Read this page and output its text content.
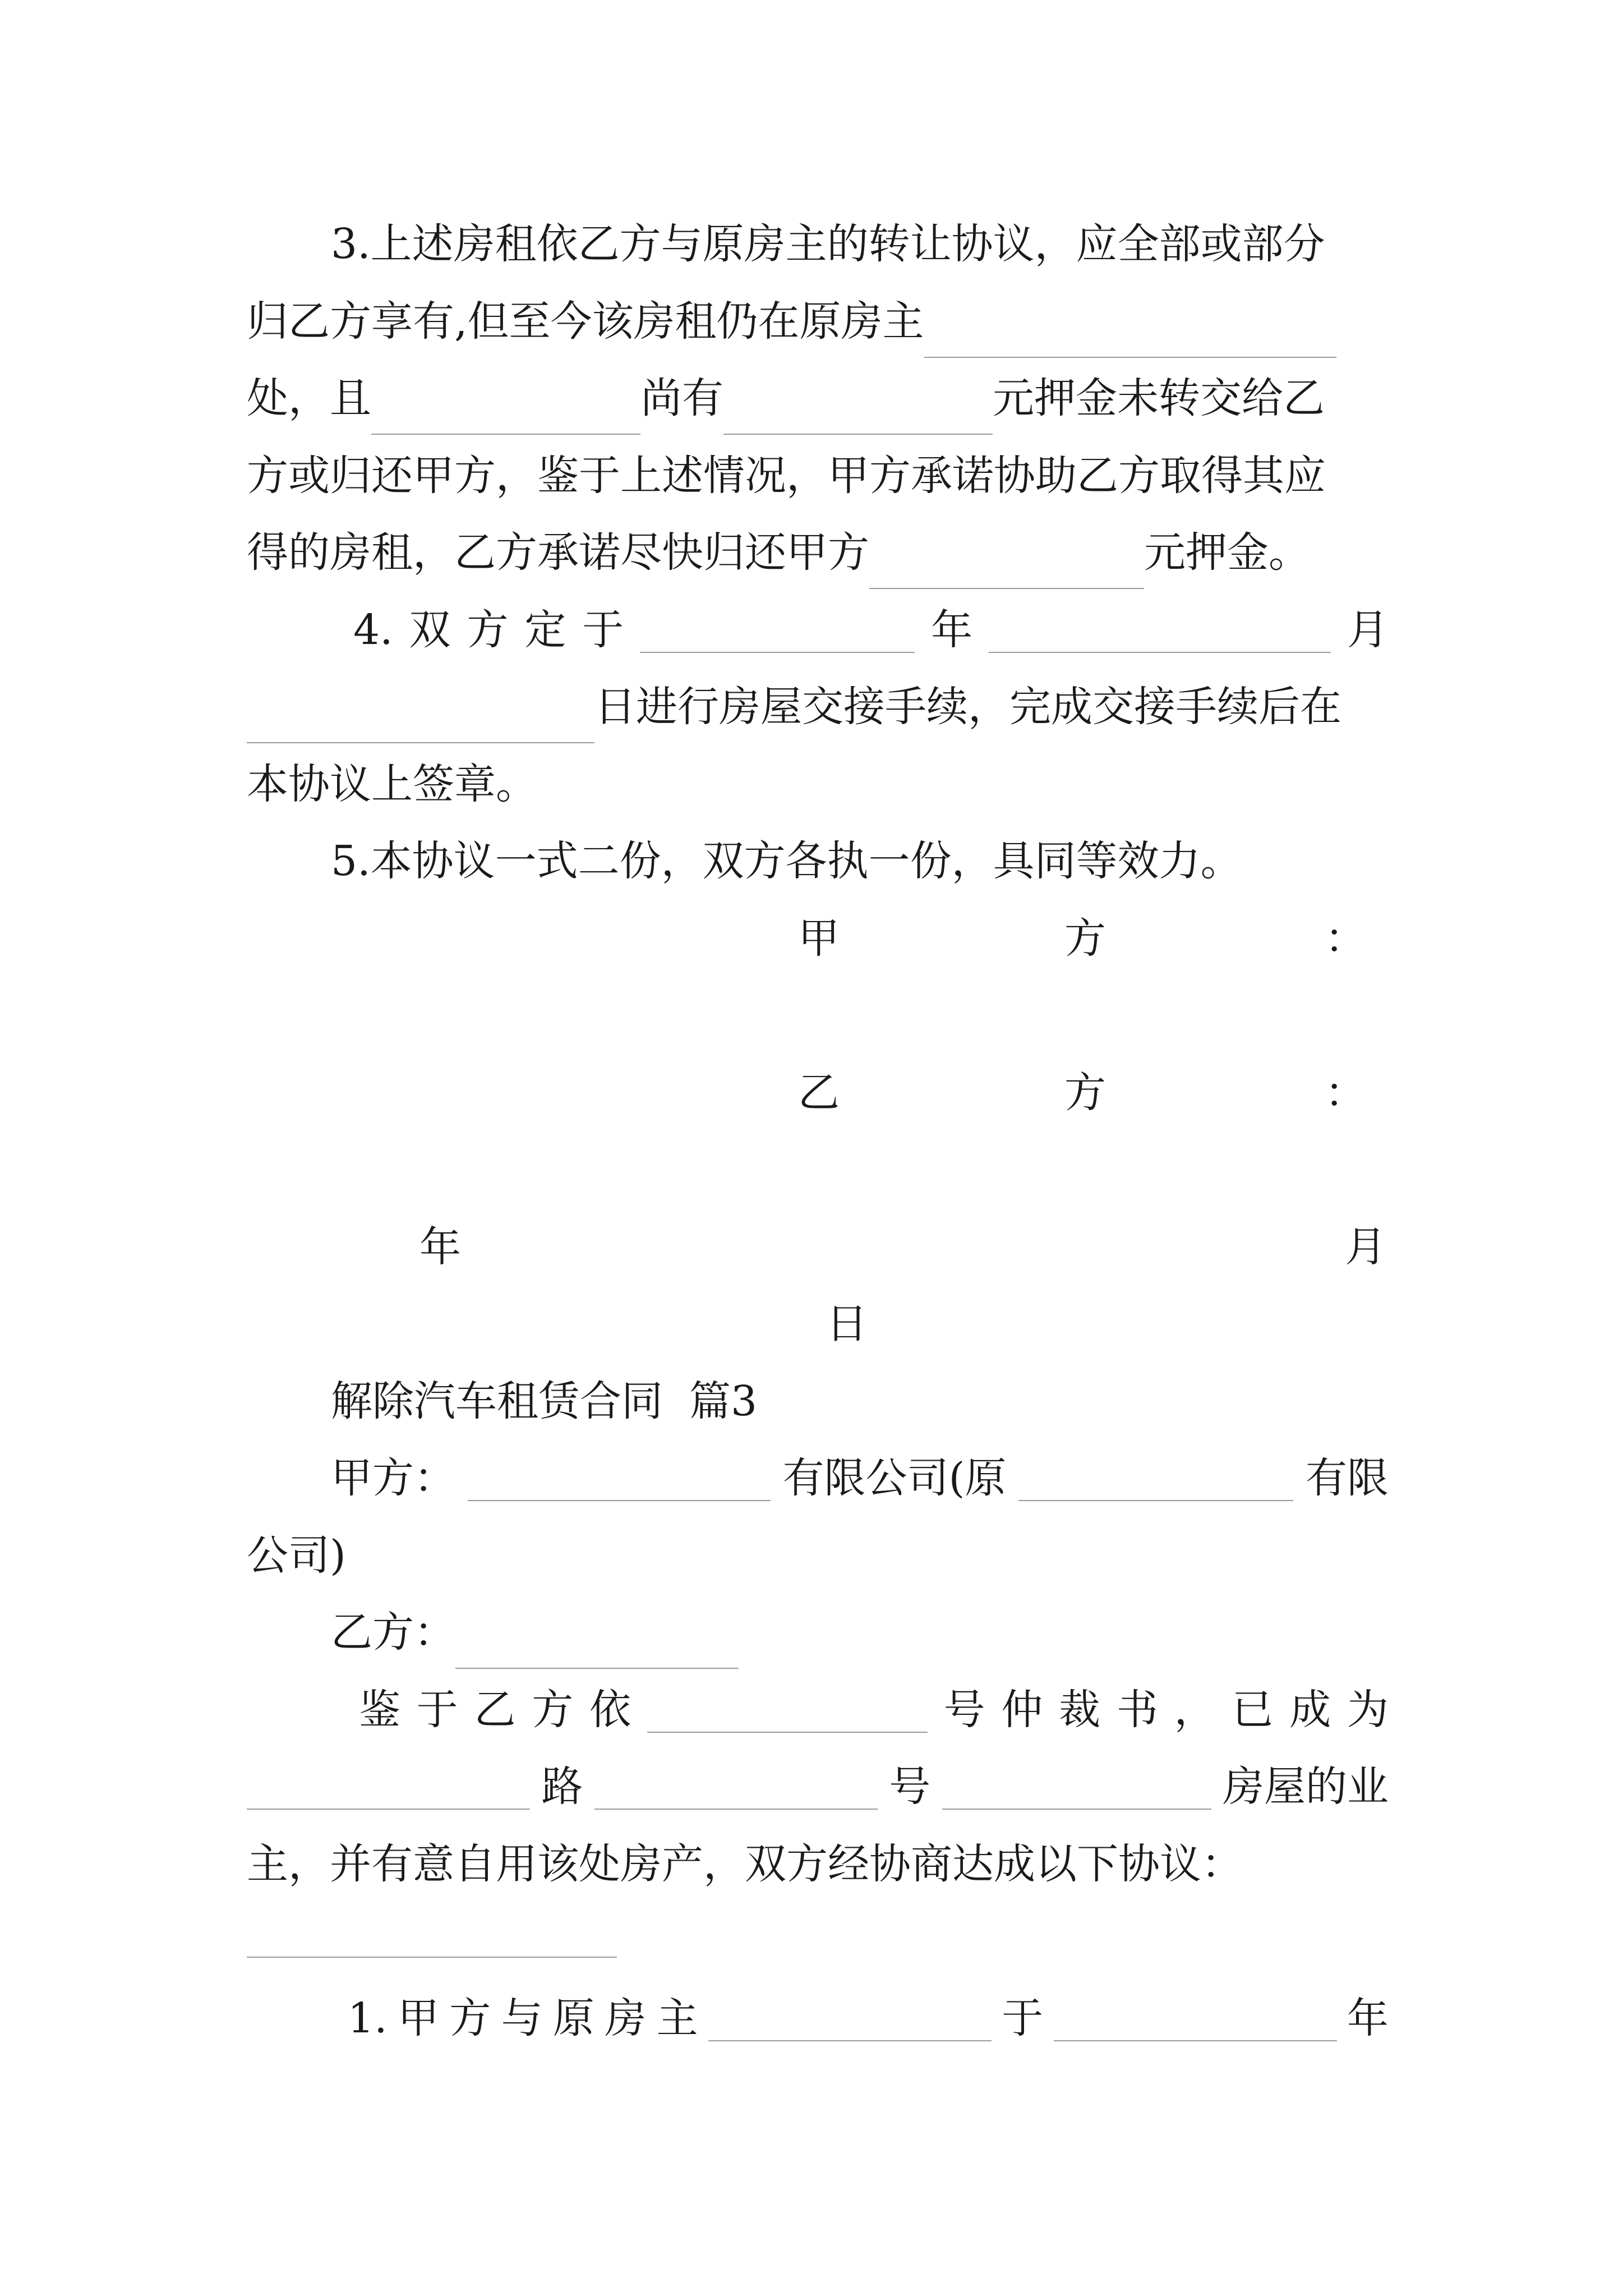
3.上述房租依乙方与原房主的转让协议，应全部或部分
归乙方享有,但至今该房租仍在原房主
处，且	尚有	元押金未转交给乙
方或归还甲方，鉴于上述情况，甲方承诺协助乙方取得其应
得的房租，乙方承诺尽快归还甲方	元押金。
4. 双 方 定 于	年	月
日进行房屋交接手续，完成交接手续后在
本协议上签章。
5.本协议一式二份，双方各执一份，具同等效力。
甲	方	：
乙	方	：
年	月
日
解除汽车租赁合同  篇3
甲方：	有限公司(原	有限
公司)
乙方：
鉴 于 乙 方 依	号 仲 裁 书 ， 已 成 为
路	号	房屋的业
主，并有意自用该处房产，双方经协商达成以下协议：
1. 甲 方 与 原 房 主	于	年
